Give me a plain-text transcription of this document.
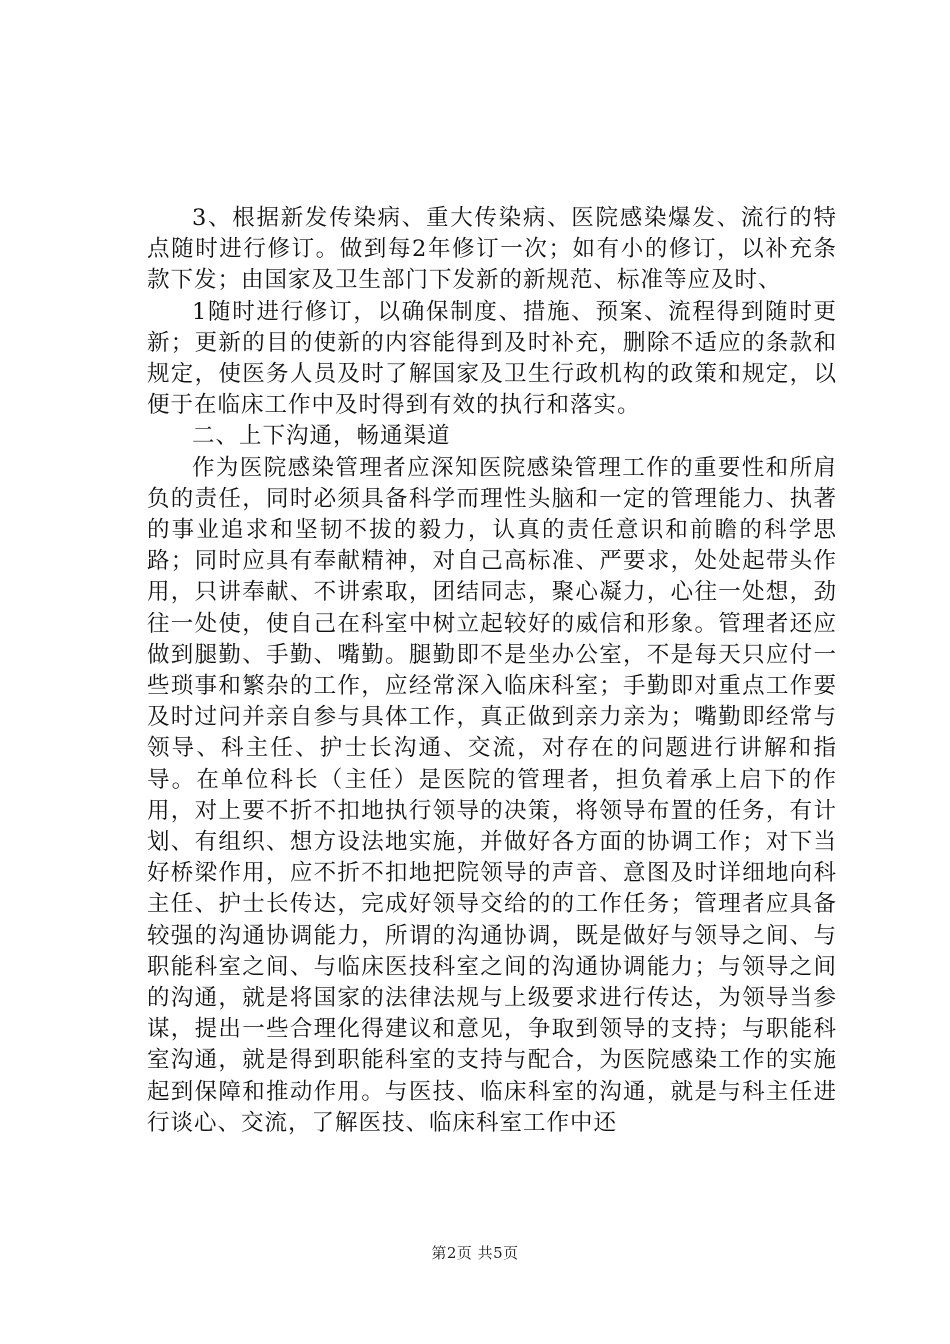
3、根据新发传染病、重大传染病、医院感染爆发、流行的特点随时进行修订。做到每2年修订一次；如有小的修订，以补充条款下发；由国家及卫生部门下发新的新规范、标准等应及时、

1随时进行修订，以确保制度、措施、预案、流程得到随时更新；更新的目的使新的内容能得到及时补充，删除不适应的条款和规定，使医务人员及时了解国家及卫生行政机构的政策和规定，以便于在临床工作中及时得到有效的执行和落实。

二、上下沟通，畅通渠道

作为医院感染管理者应深知医院感染管理工作的重要性和所肩负的责任，同时必须具备科学而理性头脑和一定的管理能力、执著的事业追求和坚韧不拔的毅力，认真的责任意识和前瞻的科学思路；同时应具有奉献精神，对自己高标准、严要求，处处起带头作用，只讲奉献、不讲索取，团结同志，聚心凝力，心往一处想，劲往一处使，使自己在科室中树立起较好的威信和形象。管理者还应做到腿勤、手勤、嘴勤。腿勤即不是坐办公室，不是每天只应付一些琐事和繁杂的工作，应经常深入临床科室；手勤即对重点工作要及时过问并亲自参与具体工作，真正做到亲力亲为；嘴勤即经常与领导、科主任、护士长沟通、交流，对存在的问题进行讲解和指导。在单位科长（主任）是医院的管理者，担负着承上启下的作用，对上要不折不扣地执行领导的决策，将领导布置的任务，有计划、有组织、想方设法地实施，并做好各方面的协调工作；对下当好桥梁作用，应不折不扣地把院领导的声音、意图及时详细地向科主任、护士长传达，完成好领导交给的的工作任务；管理者应具备较强的沟通协调能力，所谓的沟通协调，既是做好与领导之间、与职能科室之间、与临床医技科室之间的沟通协调能力；与领导之间的沟通，就是将国家的法律法规与上级要求进行传达，为领导当参谋，提出一些合理化得建议和意见，争取到领导的支持；与职能科室沟通，就是得到职能科室的支持与配合，为医院感染工作的实施起到保障和推动作用。与医技、临床科室的沟通，就是与科主任进行谈心、交流，了解医技、临床科室工作中还

第2页 共5页
